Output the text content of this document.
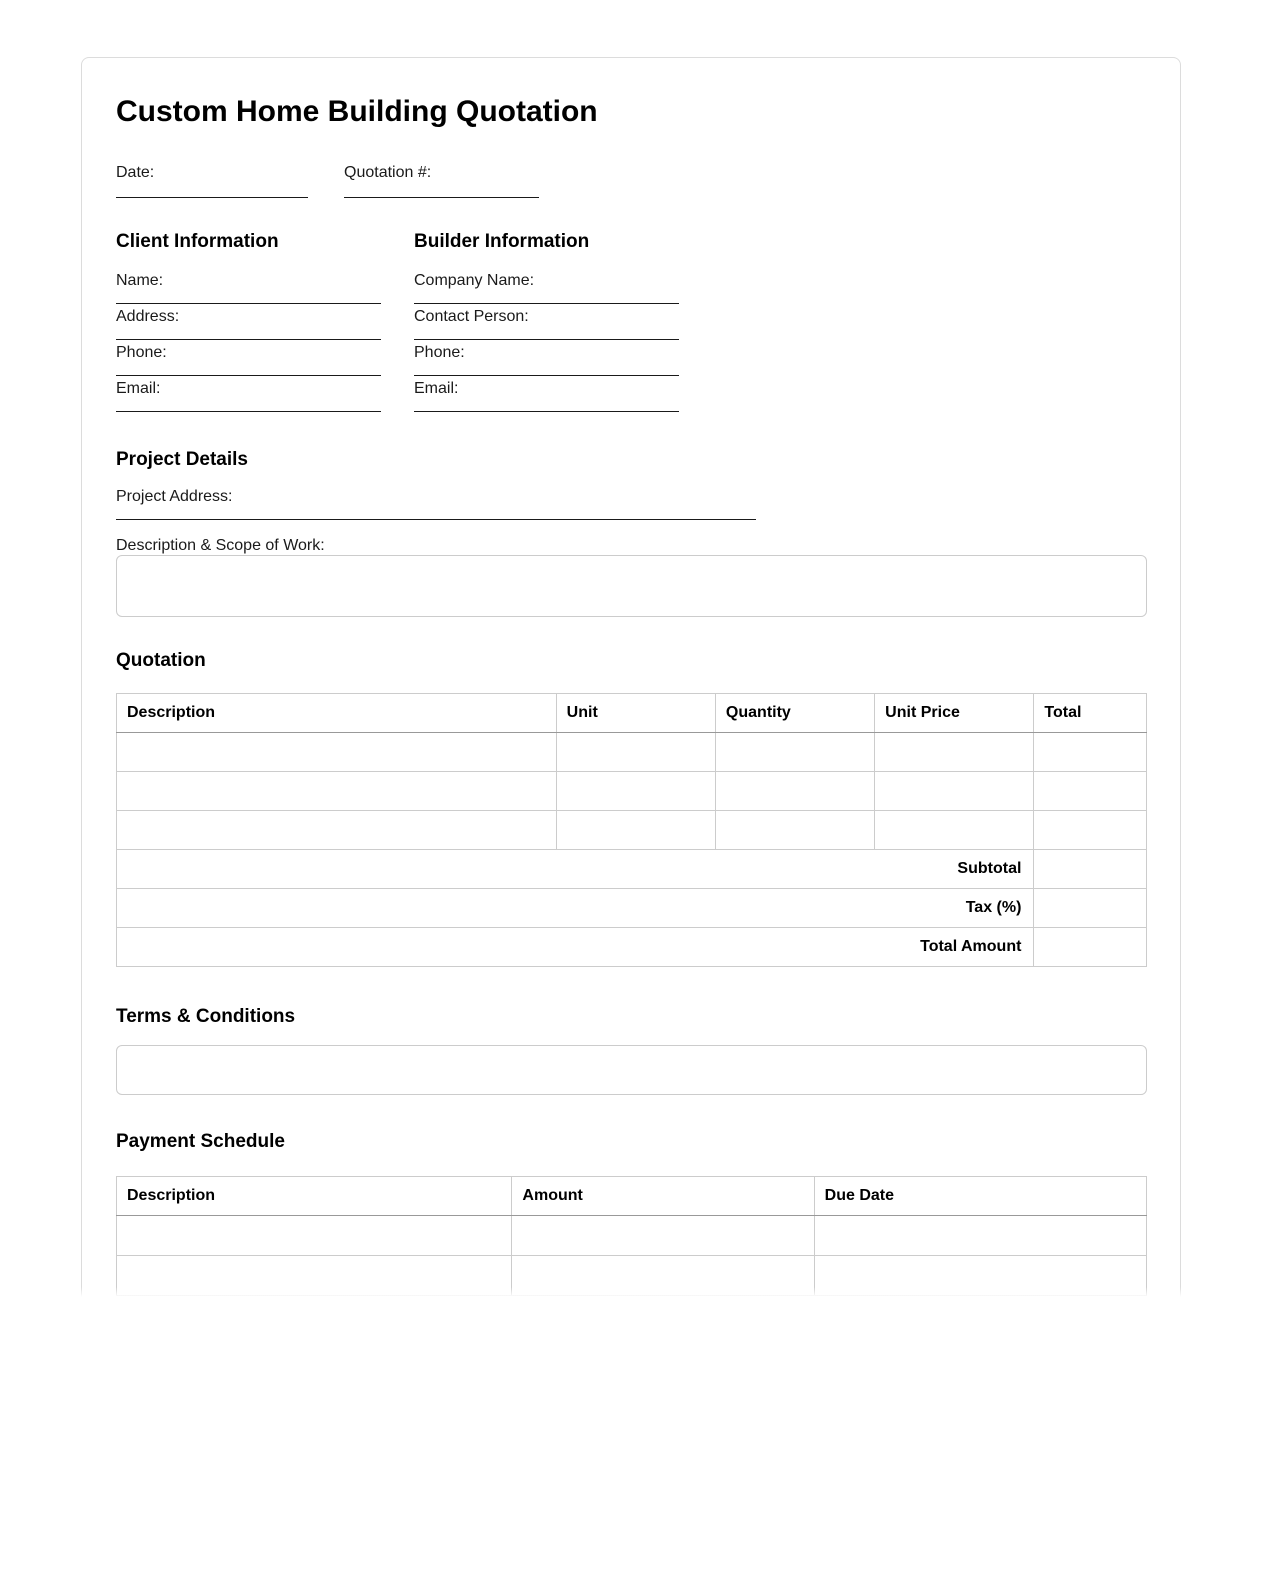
Custom Home Building Quotation
Date:	Quotation #:
Client Information
Name:
Address:
Phone:
Email:
Builder Information
Company Name:
Contact Person:
Phone:
Email:
Project Details
Project Address:
Description & Scope of Work:
Quotation
Description	Unit	Quantity	Unit Price	Total

Subtotal				
Tax (%)				
Total Amount				
Terms & Conditions
Payment Schedule
Description	Amount	Due Date
